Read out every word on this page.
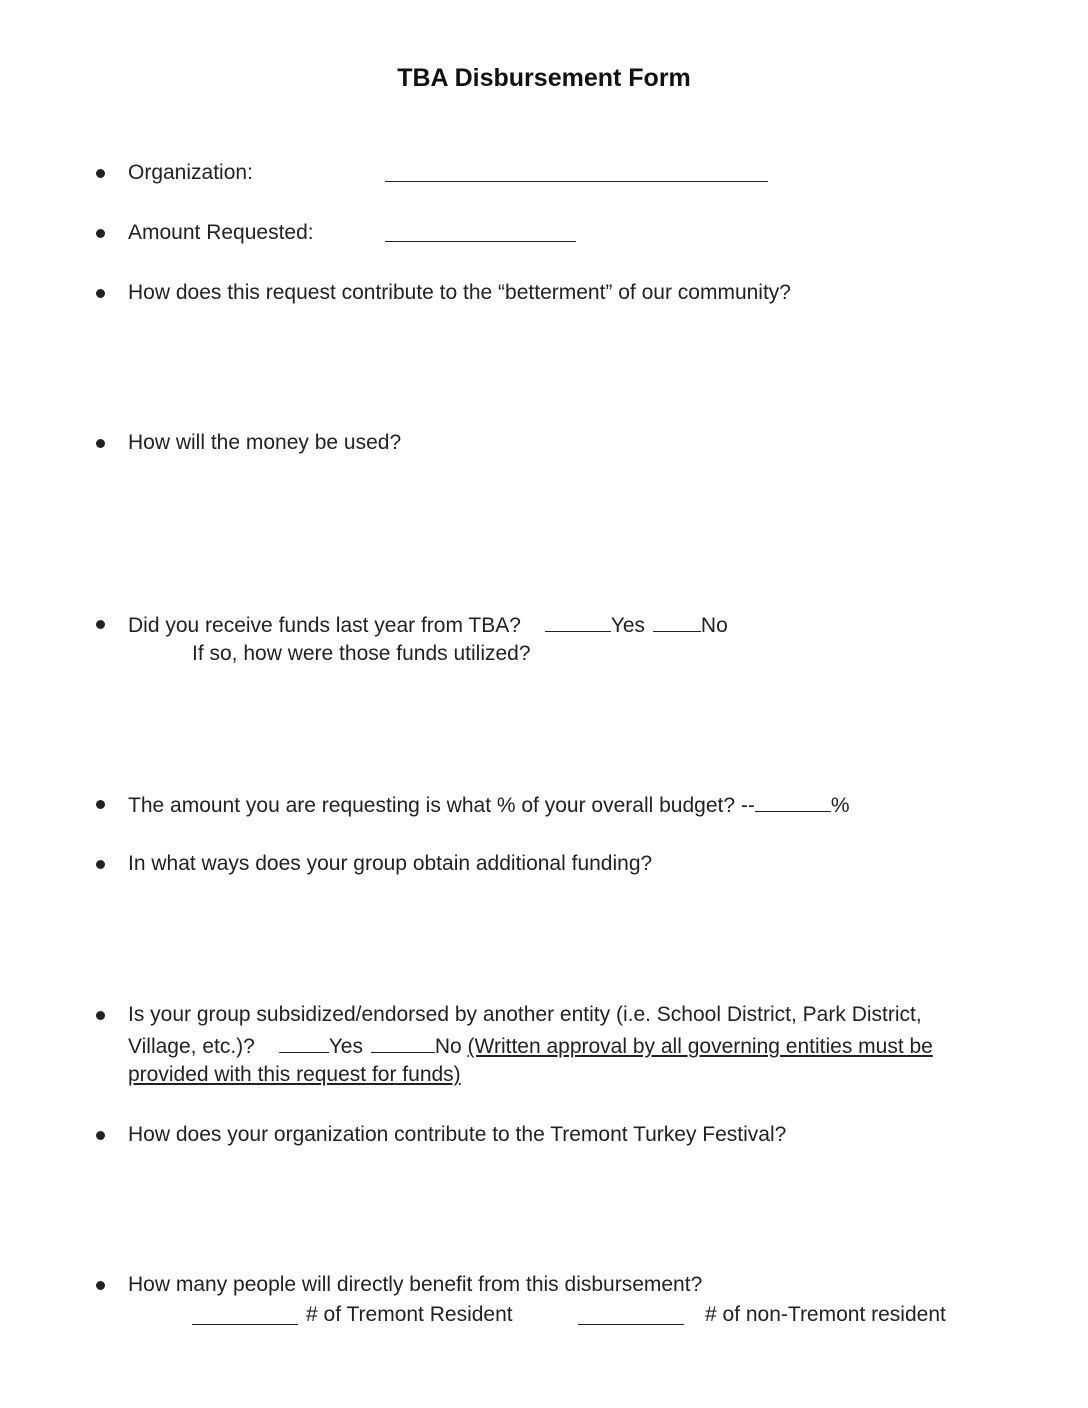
TBA Disbursement Form
Organization:
Amount Requested:
How does this request contribute to the “betterment” of our community?
How will the money be used?
Did you receive funds last year from TBA?	Yes	No
If so, how were those funds utilized?
The amount you are requesting is what % of your overall budget? --	%
In what ways does your group obtain additional funding?
Is your group subsidized/endorsed by another entity (i.e. School District, Park District,
Village, etc.)?	Yes	No (Written approval by all governing entities must be
provided with this request for funds)
How does your organization contribute to the Tremont Turkey Festival?
How many people will directly benefit from this disbursement?
# of Tremont Resident	# of non-Tremont resident
